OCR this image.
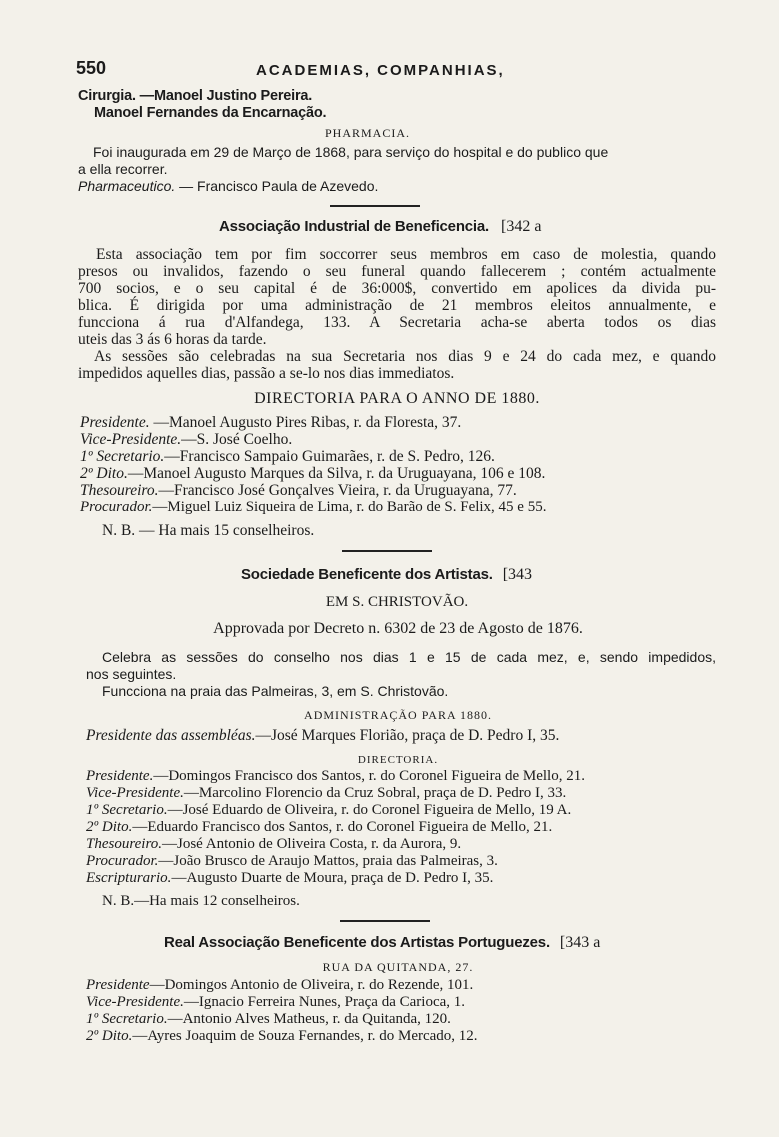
550	ACADEMIAS, COMPANHIAS,
Cirurgia. —Manoel Justino Pereira.
Manoel Fernandes da Encarnação.
PHARMACIA.
Foi inaugurada em 29 de Março de 1868, para serviço do hospital e do publico que
a ella recorrer.
Pharmaceutico. — Francisco Paula de Azevedo.
Associação Industrial de Beneficencia. [342 a
Esta associação tem por fim soccorrer seus membros em caso de molestia, quando
presos ou invalidos, fazendo o seu funeral quando fallecerem ; contém actualmente
700 socios, e o seu capital é de 36:000$, convertido em apolices da divida pu-
blica. É dirigida por uma administração de 21 membros eleitos annualmente, e
funcciona á rua d'Alfandega, 133. A Secretaria acha-se aberta todos os dias
uteis das 3 ás 6 horas da tarde.
As sessões são celebradas na sua Secretaria nos dias 9 e 24 do cada mez, e quando
impedidos aquelles dias, passão a se-lo nos dias immediatos.
DIRECTORIA PARA O ANNO DE 1880.
Presidente. —Manoel Augusto Pires Ribas, r. da Floresta, 37.
Vice-Presidente.—S. José Coelho.
1º Secretario.—Francisco Sampaio Guimarães, r. de S. Pedro, 126.
2º Dito.—Manoel Augusto Marques da Silva, r. da Uruguayana, 106 e 108.
Thesoureiro.—Francisco José Gonçalves Vieira, r. da Uruguayana, 77.
Procurador.—Miguel Luiz Siqueira de Lima, r. do Barão de S. Felix, 45 e 55.
N. B. — Ha mais 15 conselheiros.
Sociedade Beneficente dos Artistas. [343
EM S. CHRISTOVÃO.
Approvada por Decreto n. 6302 de 23 de Agosto de 1876.
Celebra as sessões do conselho nos dias 1 e 15 de cada mez, e, sendo impedidos,
nos seguintes.
Funcciona na praia das Palmeiras, 3, em S. Christovão.
ADMINISTRAÇÃO PARA 1880.
Presidente das assembléas.—José Marques Florião, praça de D. Pedro I, 35.
DIRECTORIA.
Presidente.—Domingos Francisco dos Santos, r. do Coronel Figueira de Mello, 21.
Vice-Presidente.—Marcolino Florencio da Cruz Sobral, praça de D. Pedro I, 33.
1º Secretario.—José Eduardo de Oliveira, r. do Coronel Figueira de Mello, 19 A.
2º Dito.—Eduardo Francisco dos Santos, r. do Coronel Figueira de Mello, 21.
Thesoureiro.—José Antonio de Oliveira Costa, r. da Aurora, 9.
Procurador.—João Brusco de Araujo Mattos, praia das Palmeiras, 3.
Escripturario.—Augusto Duarte de Moura, praça de D. Pedro I, 35.
N. B.—Ha mais 12 conselheiros.
Real Associação Beneficente dos Artistas Portuguezes. [343 a
RUA DA QUITANDA, 27.
Presidente—Domingos Antonio de Oliveira, r. do Rezende, 101.
Vice-Presidente.—Ignacio Ferreira Nunes, Praça da Carioca, 1.
1º Secretario.—Antonio Alves Matheus, r. da Quitanda, 120.
2º Dito.—Ayres Joaquim de Souza Fernandes, r. do Mercado, 12.
